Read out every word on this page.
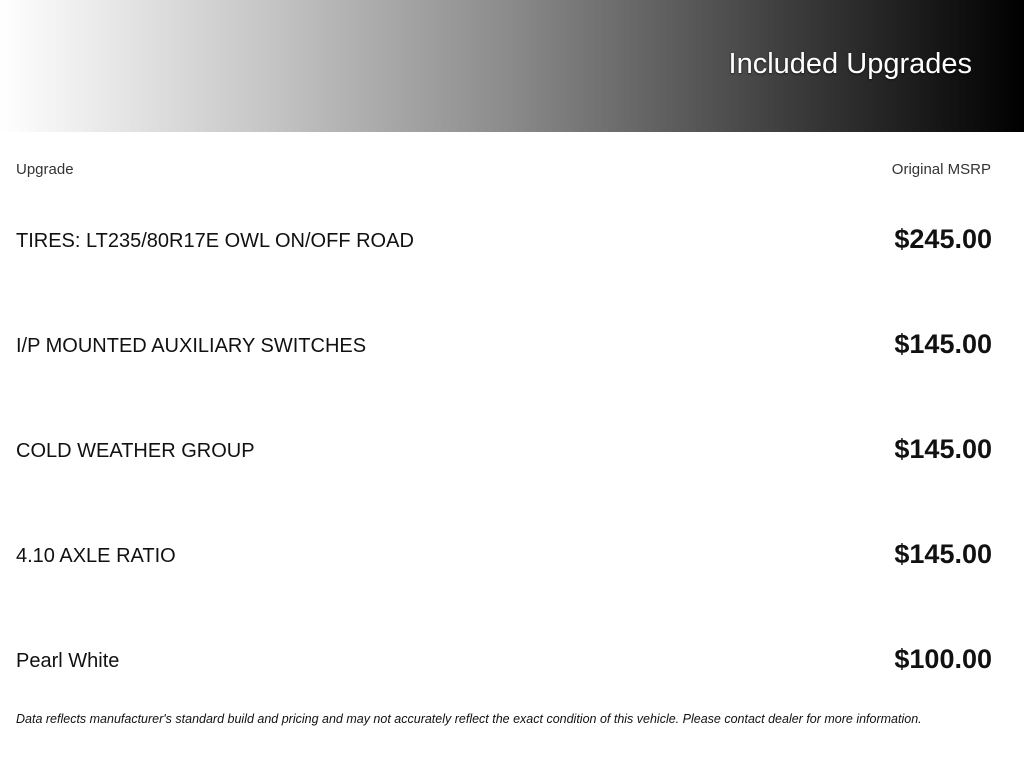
Included Upgrades
Upgrade	Original MSRP
TIRES: LT235/80R17E OWL ON/OFF ROAD	$245.00
I/P MOUNTED AUXILIARY SWITCHES	$145.00
COLD WEATHER GROUP	$145.00
4.10 AXLE RATIO	$145.00
Pearl White	$100.00
Data reflects manufacturer's standard build and pricing and may not accurately reflect the exact condition of this vehicle. Please contact dealer for more information.
